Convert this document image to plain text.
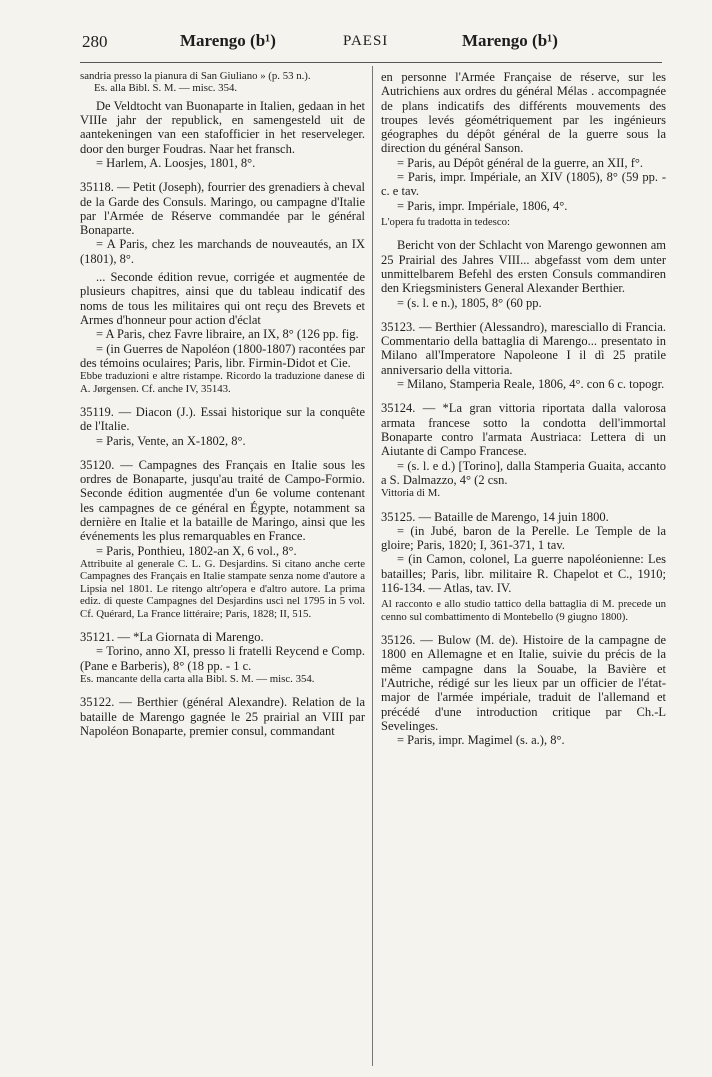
280	Marengo (b¹)	PAESI	Marengo (b¹)

sandria presso la pianura di San Giuliano » (p. 53 n.).

Es. alla Bibl. S. M. — misc. 354.

De Veldtocht van Buonaparte in Italien, gedaan in het VIIIe jahr der republick, en samengesteld uit de aantekeningen van een stafofficier in het reserveleger. door den burger Foudras. Naar het fransch.

= Harlem, A. Loosjes, 1801, 8°.

35118. — Petit (Joseph), fourrier des grenadiers à cheval de la Garde des Consuls. Maringo, ou campagne d'Italie par l'Armée de Réserve commandée par le général Bonaparte.

= A Paris, chez les marchands de nouveautés, an IX (1801), 8°.

... Seconde édition revue, corrigée et augmentée de plusieurs chapitres, ainsi que du tableau indicatif des noms de tous les militaires qui ont reçu des Brevets et Armes d'honneur pour action d'éclat

= A Paris, chez Favre libraire, an IX, 8° (126 pp. fig.

= (in Guerres de Napoléon (1800-1807) racontées par des témoins oculaires; Paris, libr. Firmin-Didot et Cie.

Ebbe traduzioni e altre ristampe. Ricordo la traduzione danese di A. Jørgensen. Cf. anche IV, 35143.

35119. — Diacon (J.). Essai historique sur la conquête de l'Italie.

= Paris, Vente, an X-1802, 8°.

35120. — Campagnes des Français en Italie sous les ordres de Bonaparte, jusqu'au traité de Campo-Formio. Seconde édition augmentée d'un 6e volume contenant les campagnes de ce général en Égypte, notamment sa dernière en Italie et la bataille de Maringo, ainsi que les événements les plus remarquables en France.

= Paris, Ponthieu, 1802-an X, 6 vol., 8°.

Attribuite al generale C. L. G. Desjardins. Si citano anche certe Campagnes des Français en Italie stampate senza nome d'autore a Lipsia nel 1801. Le ritengo altr'opera e d'altro autore. La prima ediz. di queste Campagnes del Desjardins uscì nel 1795 in 5 vol. Cf. Quérard, La France littéraire; Paris, 1828; II, 515.

35121. — *La Giornata di Marengo.

= Torino, anno XI, presso li fratelli Reycend e Comp. (Pane e Barberis), 8° (18 pp. - 1 c.

Es. mancante della carta alla Bibl. S. M. — misc. 354.

35122. — Berthier (général Alexandre). Relation de la bataille de Marengo gagnée le 25 prairial an VIII par Napoléon Bonaparte, premier consul, commandant

en personne l'Armée Française de réserve, sur les Autrichiens aux ordres du général Mélas . accompagnée de plans indicatifs des différents mouvements des troupes levés géométriquement par les ingénieurs géographes du dépôt général de la guerre sous la direction du général Sanson.

= Paris, au Dépôt général de la guerre, an XII, f°.

= Paris, impr. Impériale, an XIV (1805), 8° (59 pp. - c. e tav.

= Paris, impr. Impériale, 1806, 4°.

L'opera fu tradotta in tedesco:

Bericht von der Schlacht von Marengo gewonnen am 25 Prairial des Jahres VIII... abgefasst vom dem unter unmittelbarem Befehl des ersten Consuls commandiren den Kriegsministers General Alexander Berthier.

= (s. l. e n.), 1805, 8° (60 pp.

35123. — Berthier (Alessandro), maresciallo di Francia. Commentario della battaglia di Marengo... presentato in Milano all'Imperatore Napoleone I il dì 25 pratile anniversario della vittoria.

= Milano, Stamperia Reale, 1806, 4°. con 6 c. topogr.

35124. — *La gran vittoria riportata dalla valorosa armata francese sotto la condotta dell'immortal Bonaparte contro l'armata Austriaca: Lettera di un Aiutante di Campo Francese.

= (s. l. e d.) [Torino], dalla Stamperia Guaita, accanto a S. Dalmazzo, 4° (2 csn.

Vittoria di M.

35125. — Bataille de Marengo, 14 juin 1800.

= (in Jubé, baron de la Perelle. Le Temple de la gloire; Paris, 1820; I, 361-371, 1 tav.

= (in Camon, colonel, La guerre napoléonienne: Les batailles; Paris, libr. militaire R. Chapelot et C., 1910; 116-134. — Atlas, tav. IV.

Al racconto e allo studio tattico della battaglia di M. precede un cenno sul combattimento di Montebello (9 giugno 1800).

35126. — Bulow (M. de). Histoire de la campagne de 1800 en Allemagne et en Italie, suivie du précis de la même campagne dans la Souabe, la Bavière et l'Autriche, rédigé sur les lieux par un officier de l'état-major de l'armée impériale, traduit de l'allemand et précédé d'une introduction critique par Ch.-L Sevelinges.

= Paris, impr. Magimel (s. a.), 8°.
